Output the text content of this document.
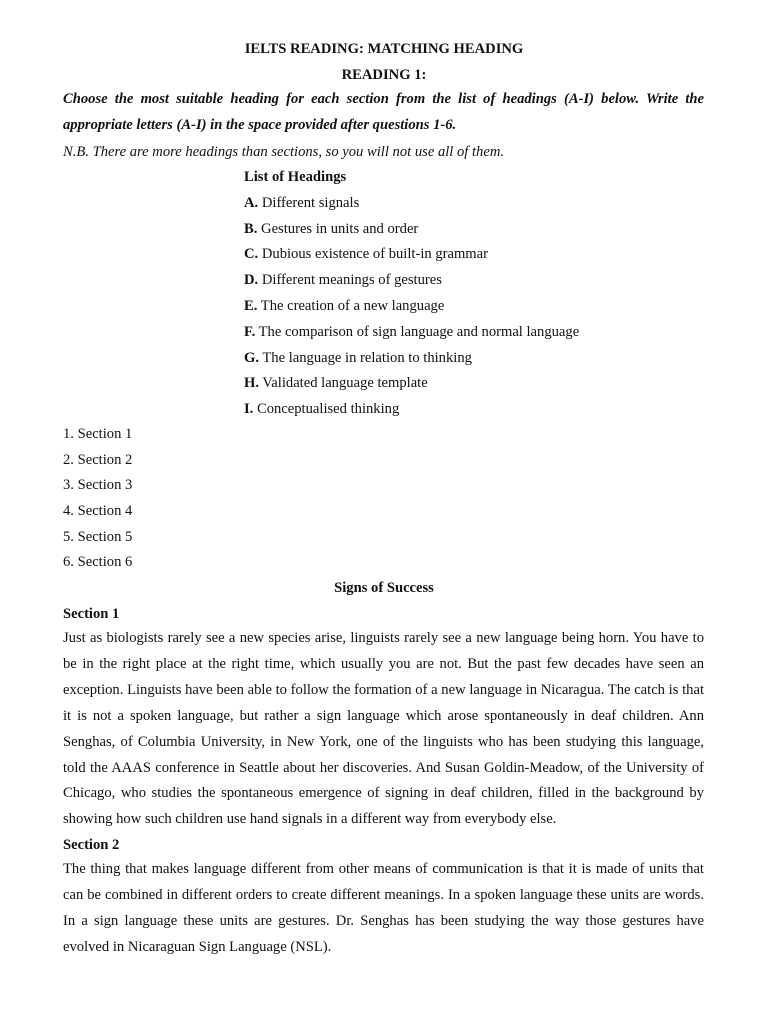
IELTS READING: MATCHING HEADING
READING 1:

Choose the most suitable heading for each section from the list of headings (A-I) below. Write the appropriate letters (A-I) in the space provided after questions 1-6.

N.B. There are more headings than sections, so you will not use all of them.
List of Headings
A. Different signals
B. Gestures in units and order
C. Dubious existence of built-in grammar
D. Different meanings of gestures
E. The creation of a new language
F. The comparison of sign language and normal language
G. The language in relation to thinking
H. Validated language template
I. Conceptualised thinking
1. Section 1
2. Section 2
3. Section 3
4. Section 4
5. Section 5
6. Section 6
Signs of Success
Section 1

Just as biologists rarely see a new species arise, linguists rarely see a new language being horn. You have to be in the right place at the right time, which usually you are not. But the past few decades have seen an exception. Linguists have been able to follow the formation of a new language in Nicaragua. The catch is that it is not a spoken language, but rather a sign language which arose spontaneously in deaf children. Ann Senghas, of Columbia University, in New York, one of the linguists who has been studying this language, told the AAAS conference in Seattle about her discoveries. And Susan Goldin-Meadow, of the University of Chicago, who studies the spontaneous emergence of signing in deaf children, filled in the background by showing how such children use hand signals in a different way from everybody else.

Section 2

The thing that makes language different from other means of communication is that it is made of units that can be combined in different orders to create different meanings. In a spoken language these units are words. In a sign language these units are gestures. Dr. Senghas has been studying the way those gestures have evolved in Nicaraguan Sign Language (NSL).
